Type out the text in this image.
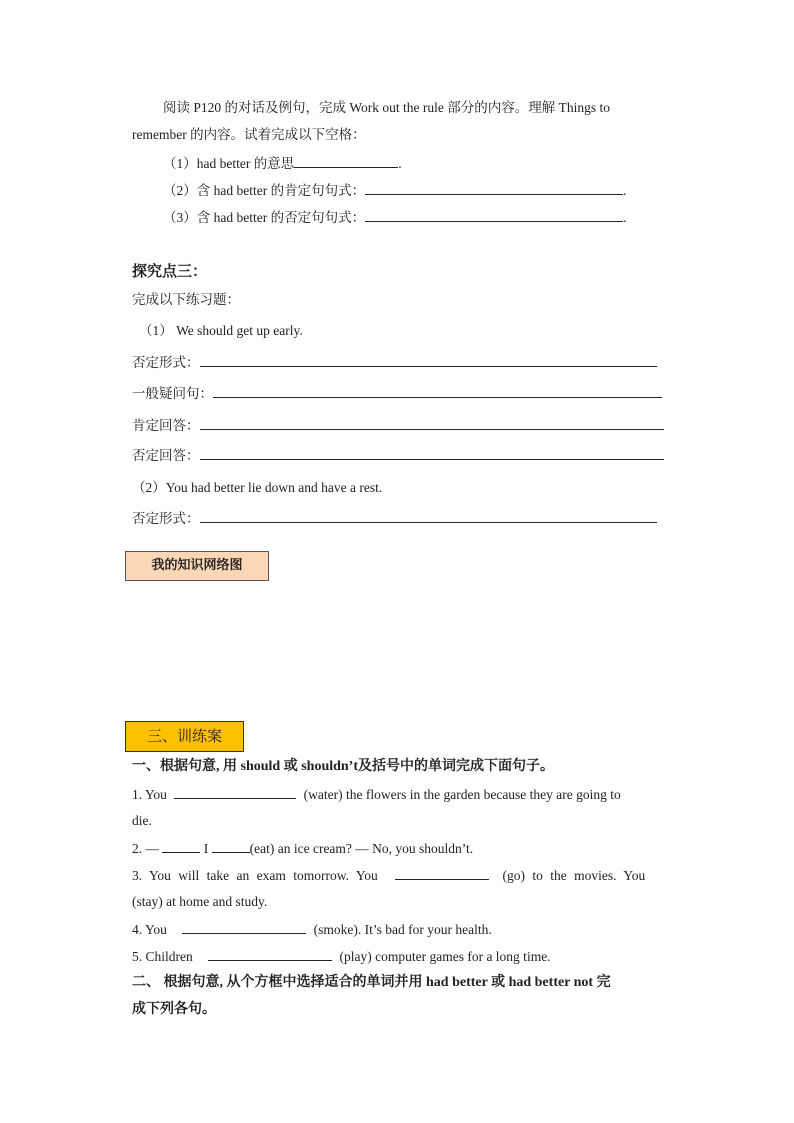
阅读 P120 的对话及例句，完成 Work out the rule 部分的内容。理解 Things to
remember 的内容。试着完成以下空格：
（1）had better 的意思	.
（2）含 had better 的肯定句句式：	.
（3）含 had better 的否定句句式：	.
探究点三：
完成以下练习题：
（1） We should get up early.
否定形式：
一般疑问句：
肯定回答：
否定回答：
（2）You had better lie down and have a rest.
否定形式：
我的知识网络图
三、训练案
一、根据句意, 用 should 或 shouldn’t及括号中的单词完成下面句子。
1. You	(water) the flowers in the garden because they are going to
die.
2. —	I	(eat) an ice cream? — No, you shouldn’t.
3. You will take an exam tomorrow. You	(go) to the movies. You
(stay) at home and study.
4. You	(smoke). It’s bad for your health.
5. Children	(play) computer games for a long time.
二、 根据句意, 从个方框中选择适合的单词并用 had better 或 had better not 完
成下列各句。
